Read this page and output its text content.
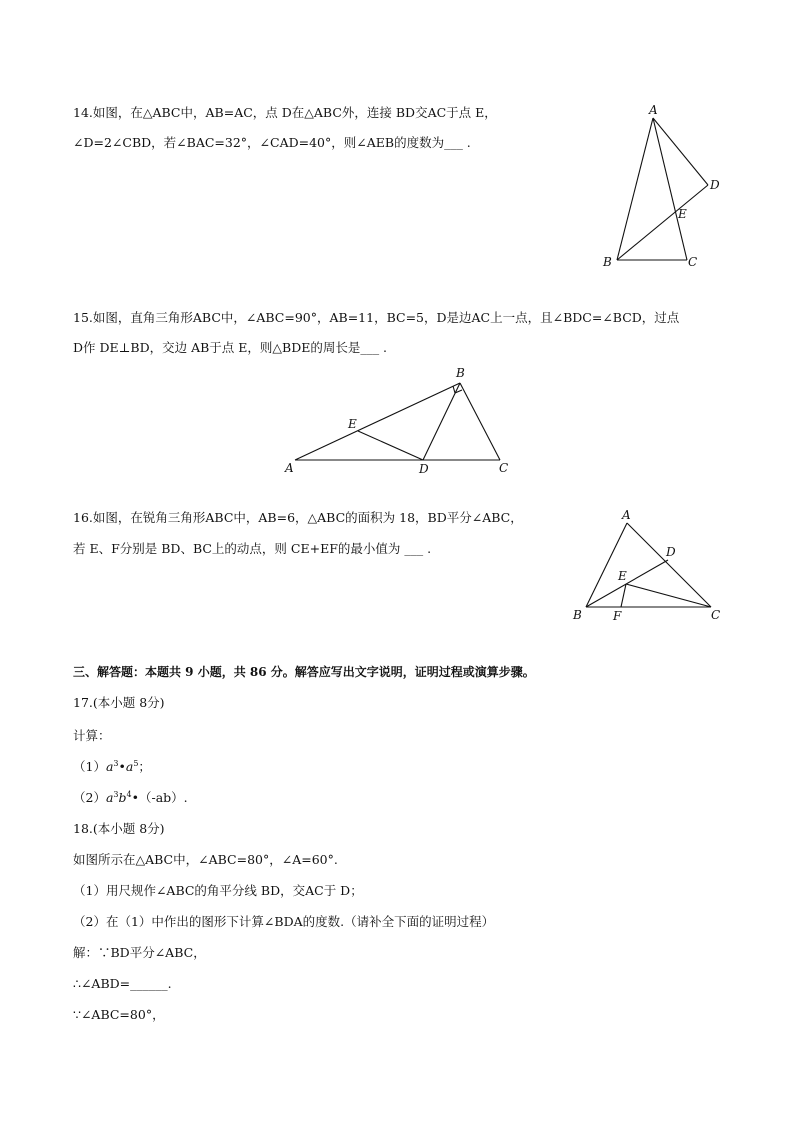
14.如图，在△ABC中，AB=AC，点 D在△ABC外，连接 BD交AC于点 E，
∠D=2∠CBD，若∠BAC=32°，∠CAD=40°，则∠AEB的度数为___ .
A
B	C
D
E
15.如图，直角三角形ABC中，∠ABC=90°，AB=11，BC=5，D是边AC上一点，且∠BDC=∠BCD，过点
D作 DE⊥BD，交边 AB于点 E，则△BDE的周长是___ .
B
E
A	D	C
16.如图，在锐角三角形ABC中，AB=6，△ABC的面积为 18，BD平分∠ABC，
若 E、F分别是 BD、BC上的动点，则 CE+EF的最小值为 ___ .
A
D
E
B	F	C
三、解答题：本题共 9 小题，共 86 分。解答应写出文字说明，证明过程或演算步骤。
17.(本小题 8分)
计算：
$(1)a^3•a^5$；
$(2)a^3b^4•(-ab)$.
18.(本小题 8分)
如图所示在△ABC中，∠ABC=80°，∠A=60°.
（1）用尺规作∠ABC的角平分线 BD，交AC于 D；
（2）在（1）中作出的图形下计算∠BDA的度数.（请补全下面的证明过程）
解：∵BD平分∠ABC，
∴∠ABD=______.
∵∠ABC=80°，
